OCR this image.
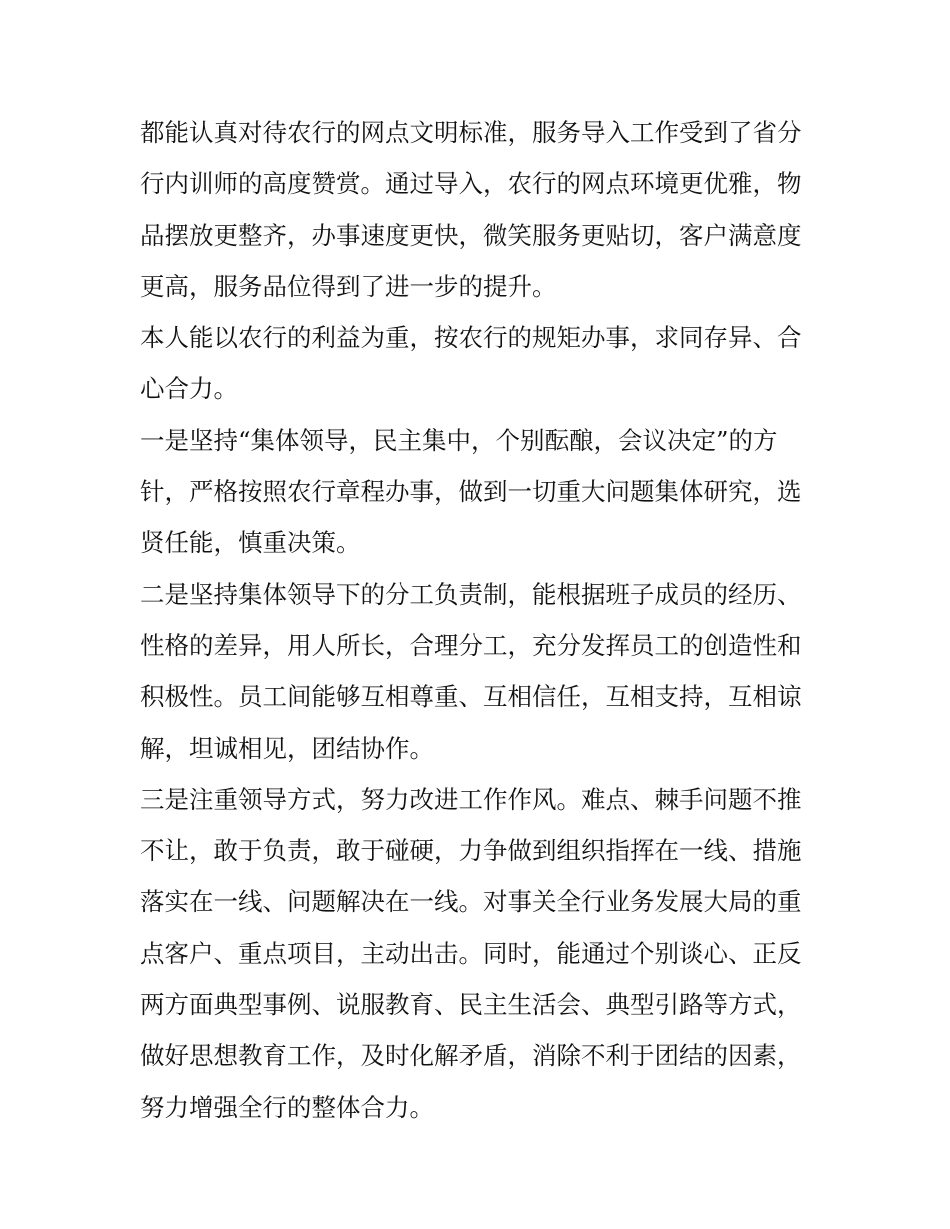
都能认真对待农行的网点文明标准，服务导入工作受到了省分
行内训师的高度赞赏。通过导入，农行的网点环境更优雅，物
品摆放更整齐，办事速度更快，微笑服务更贴切，客户满意度
更高，服务品位得到了进一步的提升。
本人能以农行的利益为重，按农行的规矩办事，求同存异、合
心合力。
一是坚持“集体领导，民主集中，个别酝酿，会议决定”的方
针，严格按照农行章程办事，做到一切重大问题集体研究，选
贤任能，慎重决策。
二是坚持集体领导下的分工负责制，能根据班子成员的经历、
性格的差异，用人所长，合理分工，充分发挥员工的创造性和
积极性。员工间能够互相尊重、互相信任，互相支持，互相谅
解，坦诚相见，团结协作。
三是注重领导方式，努力改进工作作风。难点、棘手问题不推
不让，敢于负责，敢于碰硬，力争做到组织指挥在一线、措施
落实在一线、问题解决在一线。对事关全行业务发展大局的重
点客户、重点项目，主动出击。同时，能通过个别谈心、正反
两方面典型事例、说服教育、民主生活会、典型引路等方式，
做好思想教育工作，及时化解矛盾，消除不利于团结的因素，
努力增强全行的整体合力。
